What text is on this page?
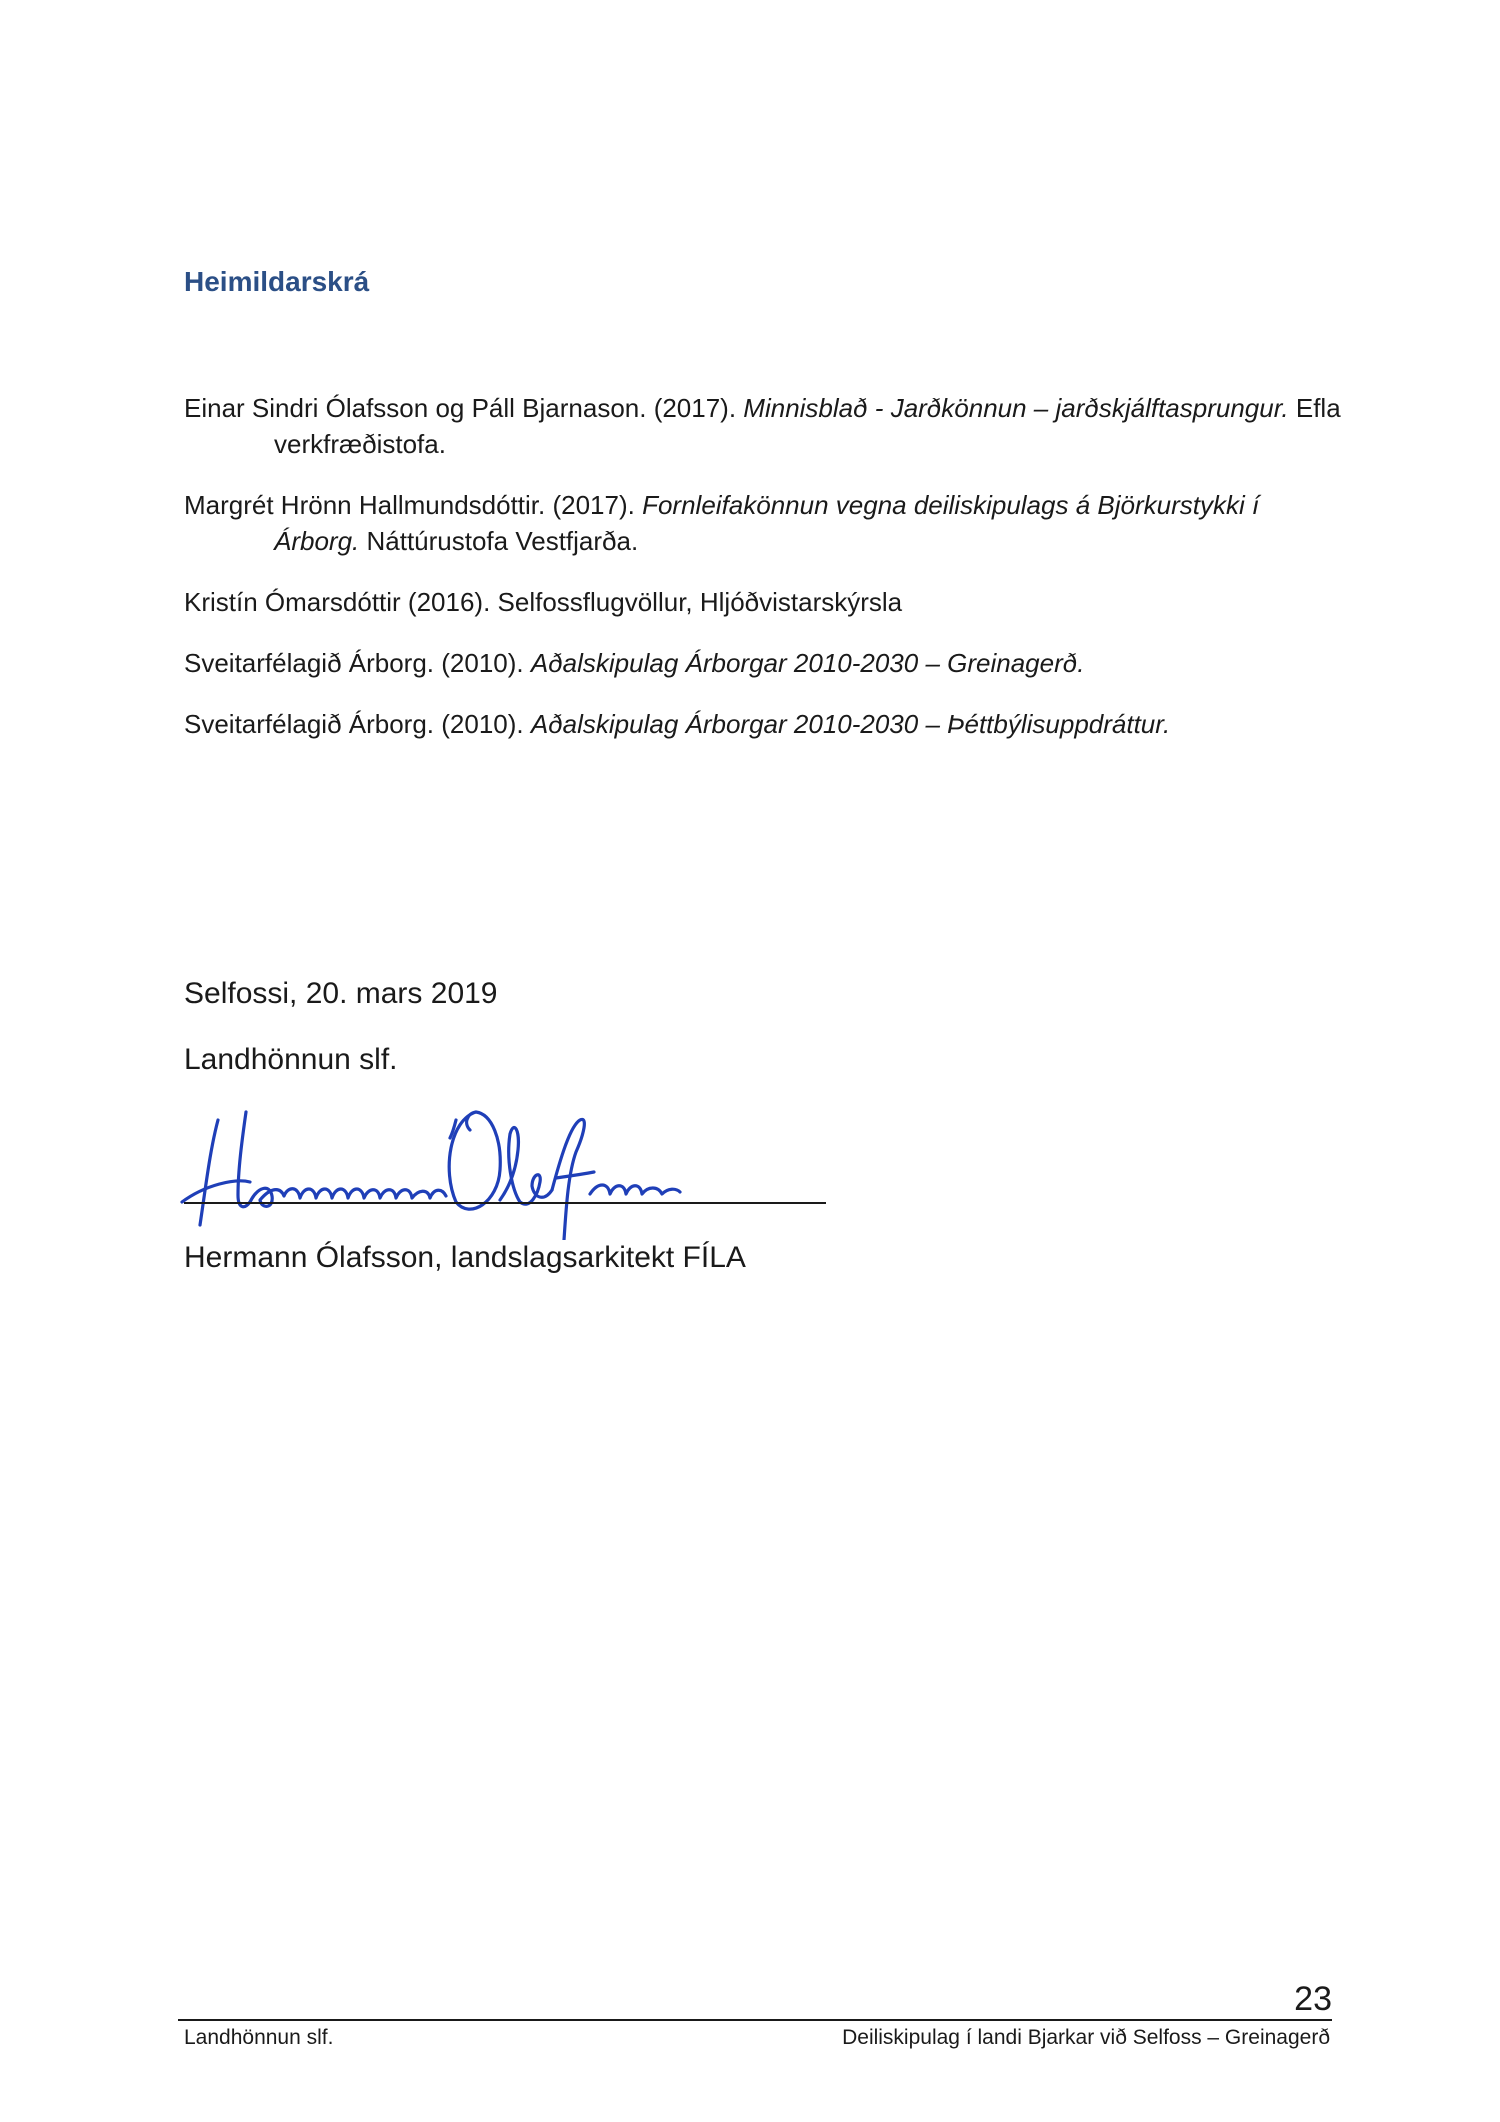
Heimildarskrá
Einar Sindri Ólafsson og Páll Bjarnason. (2017). Minnisblað - Jarðkönnun – jarðskjálftasprungur. Efla verkfræðistofa.
Margrét Hrönn Hallmundsdóttir. (2017). Fornleifakönnun vegna deiliskipulags á Björkurstykki í Árborg. Náttúrustofa Vestfjarða.
Kristín Ómarsdóttir (2016). Selfossflugvöllur, Hljóðvistarskýrsla
Sveitarfélagið Árborg. (2010). Aðalskipulag Árborgar 2010-2030 – Greinagerð.
Sveitarfélagið Árborg. (2010). Aðalskipulag Árborgar 2010-2030 – Þéttbýlisuppdráttur.

Selfossi, 20. mars 2019

Landhönnun slf.

Hermann Ólafsson, landslagsarkitekt FÍLA

23

Landhönnun slf.	Deiliskipulag í landi Bjarkar við Selfoss – Greinagerð
